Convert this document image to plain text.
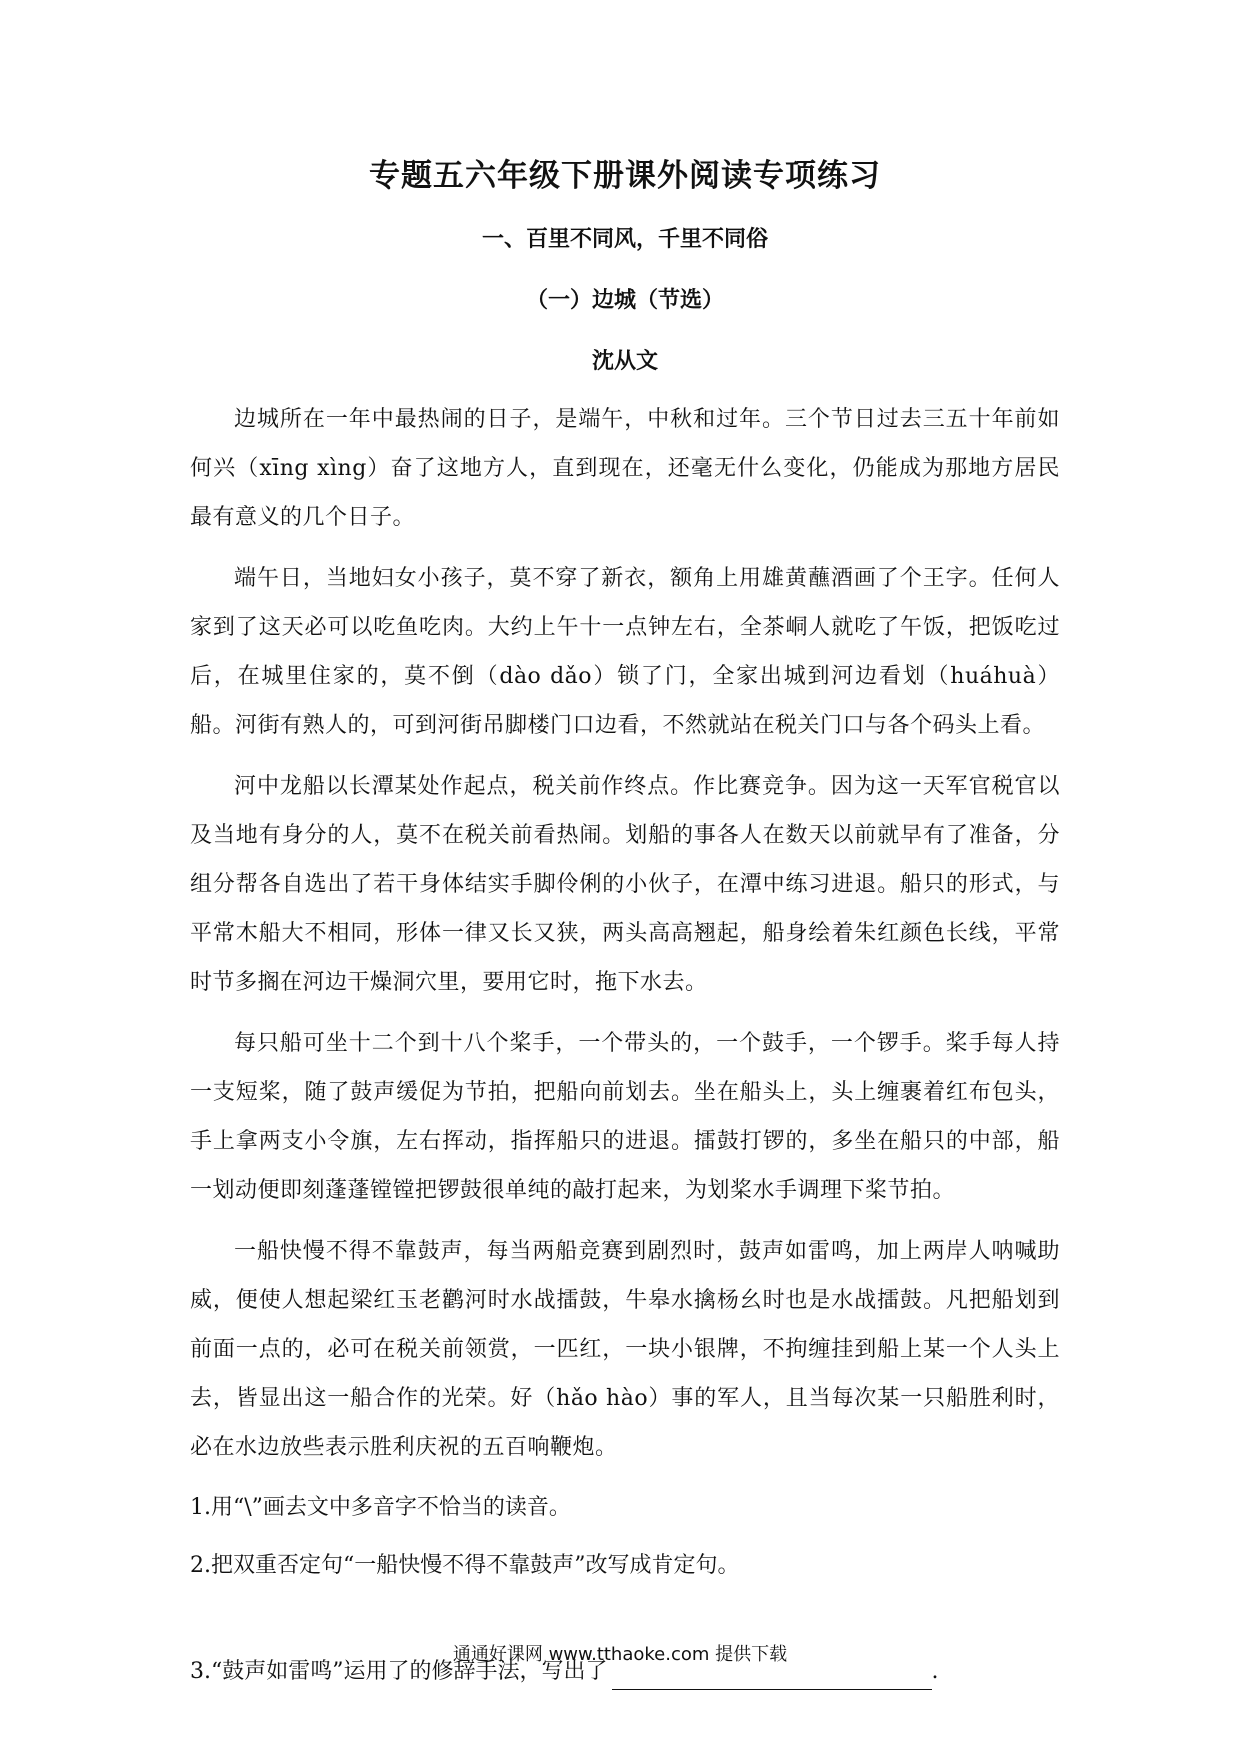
专题五六年级下册课外阅读专项练习
一、百里不同风，千里不同俗
（一）边城（节选）
沈从文

边城所在一年中最热闹的日子，是端午，中秋和过年。三个节日过去三五十年前如何兴（xīng xìng）奋了这地方人，直到现在，还毫无什么变化，仍能成为那地方居民最有意义的几个日子。

端午日，当地妇女小孩子，莫不穿了新衣，额角上用雄黄蘸酒画了个王字。任何人家到了这天必可以吃鱼吃肉。大约上午十一点钟左右，全茶峒人就吃了午饭，把饭吃过后，在城里住家的，莫不倒（dào dǎo）锁了门，全家出城到河边看划（huáhuà）船。河街有熟人的，可到河街吊脚楼门口边看，不然就站在税关门口与各个码头上看。

河中龙船以长潭某处作起点，税关前作终点。作比赛竞争。因为这一天军官税官以及当地有身分的人，莫不在税关前看热闹。划船的事各人在数天以前就早有了准备，分组分帮各自选出了若干身体结实手脚伶俐的小伙子，在潭中练习进退。船只的形式，与平常木船大不相同，形体一律又长又狭，两头高高翘起，船身绘着朱红颜色长线，平常时节多搁在河边干燥洞穴里，要用它时，拖下水去。

每只船可坐十二个到十八个桨手，一个带头的，一个鼓手，一个锣手。桨手每人持一支短桨，随了鼓声缓促为节拍，把船向前划去。坐在船头上，头上缠裹着红布包头，手上拿两支小令旗，左右挥动，指挥船只的进退。擂鼓打锣的，多坐在船只的中部，船一划动便即刻蓬蓬镗镗把锣鼓很单纯的敲打起来，为划桨水手调理下桨节拍。

一船快慢不得不靠鼓声，每当两船竞赛到剧烈时，鼓声如雷鸣，加上两岸人呐喊助威，便使人想起梁红玉老鹳河时水战擂鼓，牛皋水擒杨幺时也是水战擂鼓。凡把船划到前面一点的，必可在税关前领赏，一匹红，一块小银牌，不拘缠挂到船上某一个人头上去，皆显出这一船合作的光荣。好（hǎo hào）事的军人，且当每次某一只船胜利时，必在水边放些表示胜利庆祝的五百响鞭炮。

1.用“\”画去文中多音字不恰当的读音。
2.把双重否定句“一船快慢不得不靠鼓声”改写成肯定句。
3.“鼓声如雷鸣”运用了的修辞手法，写出了	.
通通好课网 www.tthaoke.com 提供下载
